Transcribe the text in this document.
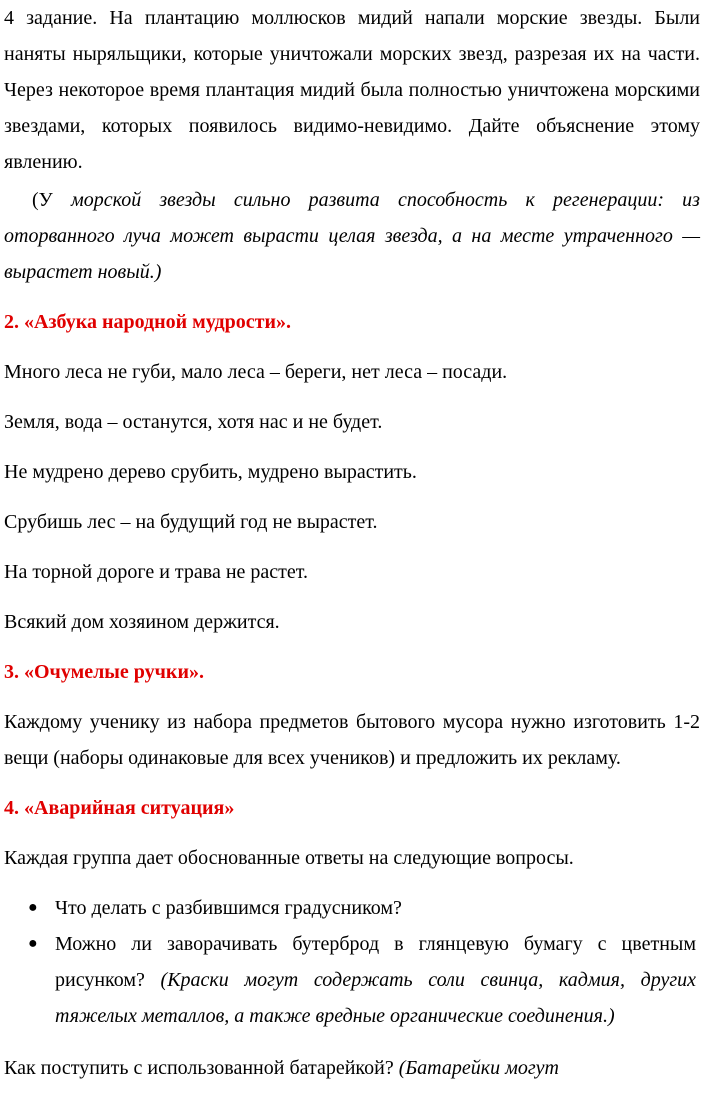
4 задание. На плантацию моллюсков мидий напали морские звезды. Были наняты ныряльщики, которые уничтожали морских звезд, разрезая их на части. Через некоторое время плантация мидий была полностью уничтожена морскими звездами, которых появилось видимо-невидимо. Дайте объяснение этому явлению.

(У морской звезды сильно развита способность к регенерации: из оторванного луча может вырасти целая звезда, а на месте утраченного — вырастет новый.)

2. «Азбука народной мудрости».

Много леса не губи, мало леса – береги, нет леса – посади.

Земля, вода – останутся, хотя нас и не будет.

Не мудрено дерево срубить, мудрено вырастить.

Срубишь лес – на будущий год не вырастет.

На торной дороге и трава не растет.

Всякий дом хозяином держится.

3. «Очумелые ручки».

Каждому ученику из набора предметов бытового мусора нужно изготовить 1-2 вещи (наборы одинаковые для всех учеников) и предложить их рекламу.

4. «Аварийная ситуация»

Каждая группа дает обоснованные ответы на следующие вопросы.

● Что делать с разбившимся градусником?
● Можно ли заворачивать бутерброд в глянцевую бумагу с цветным рисунком? (Краски могут содержать соли свинца, кадмия, других тяжелых металлов, а также вредные органические соединения.)

Как поступить с использованной батарейкой? (Батарейки могут
